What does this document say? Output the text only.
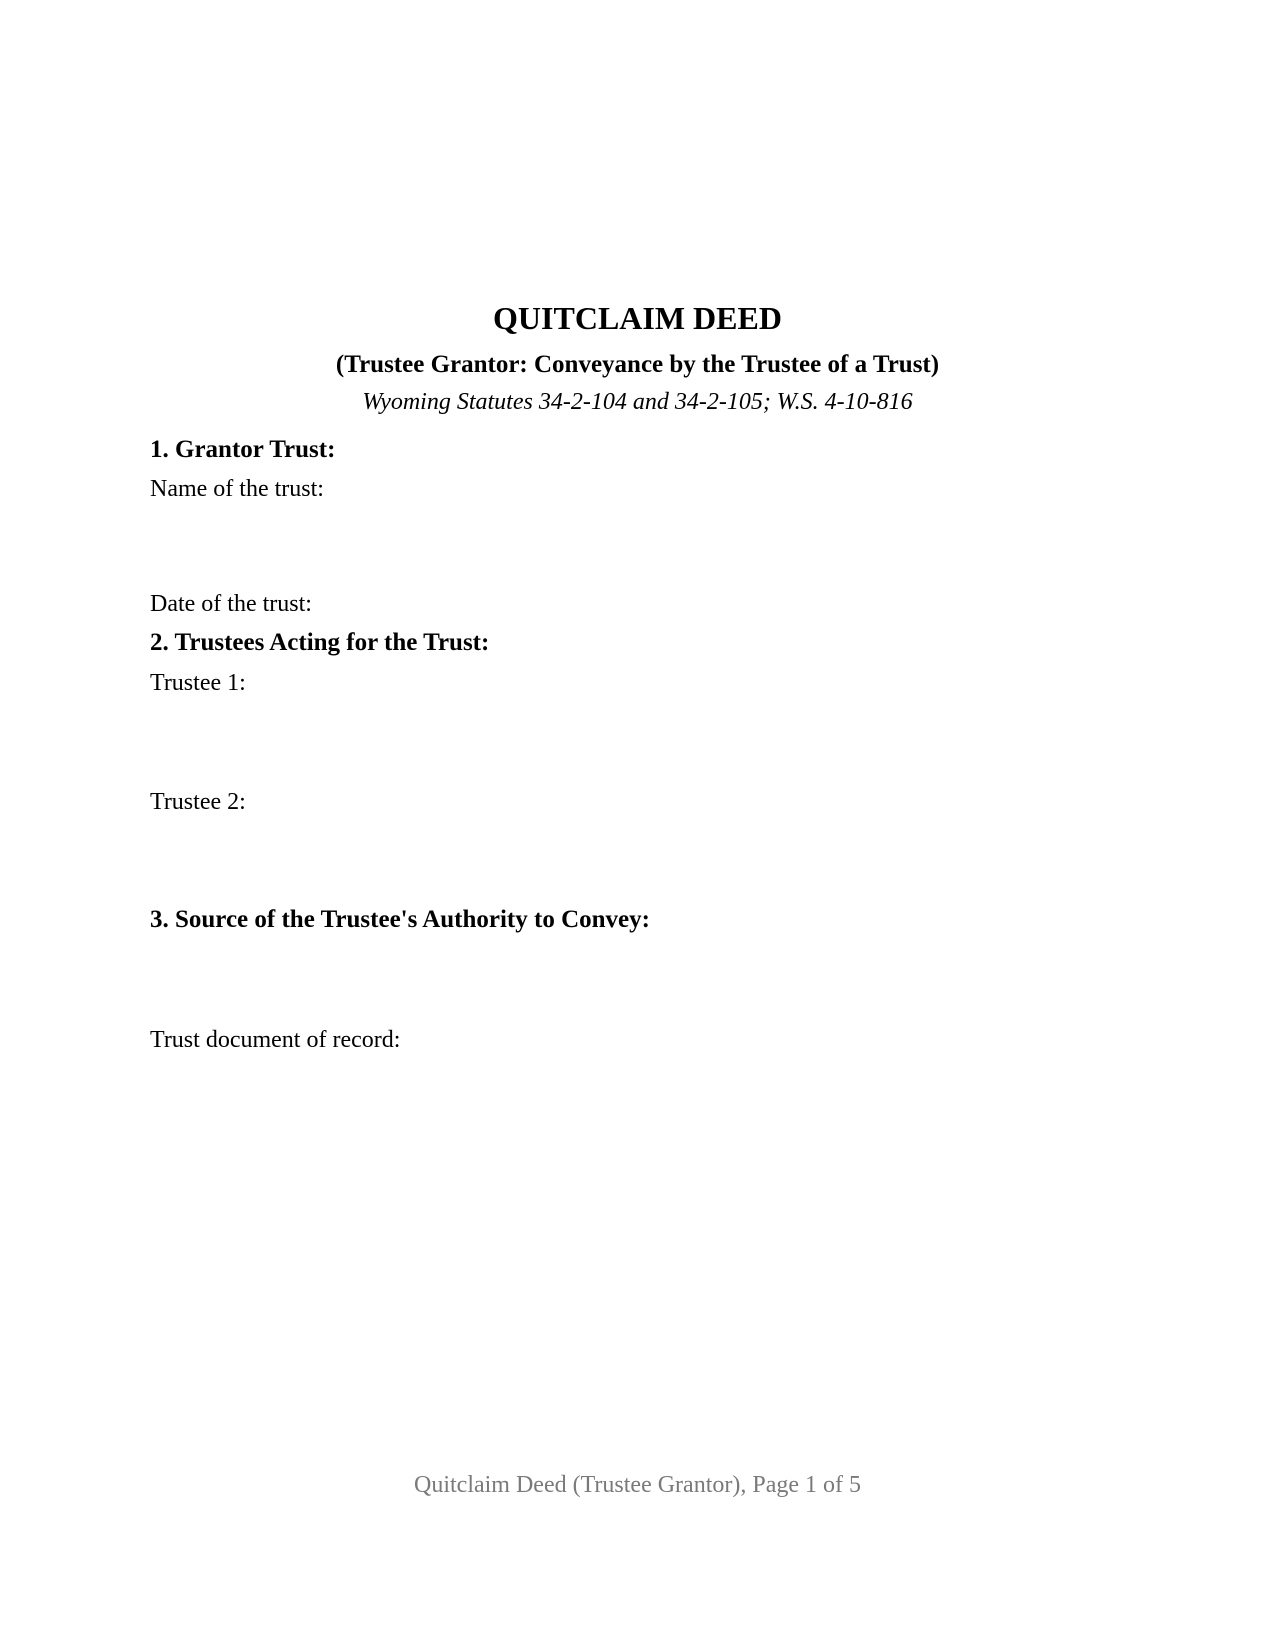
QUITCLAIM DEED
(Trustee Grantor: Conveyance by the Trustee of a Trust)
Wyoming Statutes 34-2-104 and 34-2-105; W.S. 4-10-816
1. Grantor Trust:
Name of the trust:
Date of the trust:
2. Trustees Acting for the Trust:
Trustee 1:
Trustee 2:
3. Source of the Trustee's Authority to Convey:
Trust document of record:
Quitclaim Deed (Trustee Grantor), Page 1 of 5
